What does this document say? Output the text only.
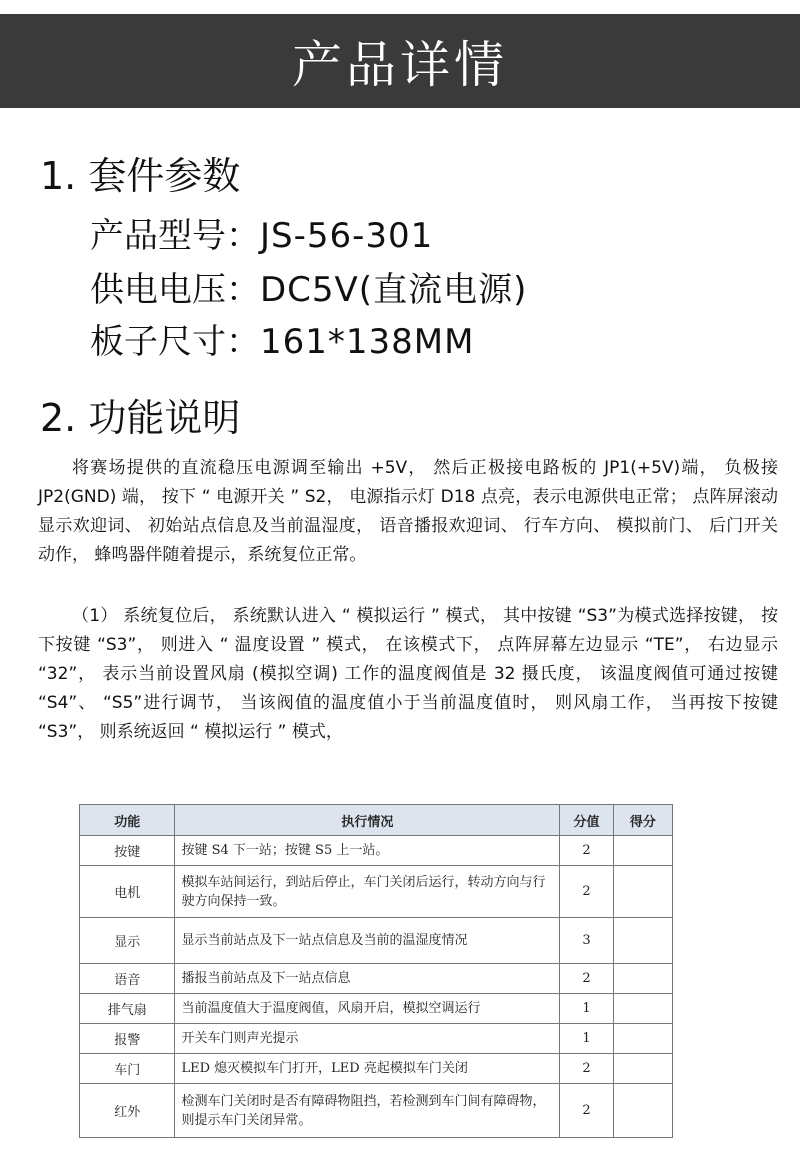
产品详情
1. 套件参数
产品型号：JS-56-301
供电电压：DC5V(直流电源)
板子尺寸：161*138MM
2. 功能说明

将赛场提供的直流稳压电源调至输出 +5V， 然后正极接电路板的 JP1(+5V)端， 负极接 JP2(GND) 端， 按下 “ 电源开关 ” S2， 电源指示灯 D18 点亮，表示电源供电正常； 点阵屏滚动显示欢迎词、 初始站点信息及当前温湿度， 语音播报欢迎词、 行车方向、 模拟前门、 后门开关动作， 蜂鸣器伴随着提示，系统复位正常。

（1） 系统复位后， 系统默认进入 “ 模拟运行 ” 模式， 其中按键 “S3”为模式选择按键， 按下按键 “S3”， 则进入 “ 温度设置 ” 模式， 在该模式下， 点阵屏幕左边显示 “TE”， 右边显示 “32”， 表示当前设置风扇 (模拟空调) 工作的温度阀值是 32 摄氏度， 该温度阀值可通过按键 “S4”、 “S5”进行调节， 当该阀值的温度值小于当前温度值时， 则风扇工作， 当再按下按键 “S3”， 则系统返回 “ 模拟运行 ” 模式，

功能	执行情况	分值	得分
按键	按键 S4 下一站；按键 S5 上一站。	2	
电机	模拟车站间运行，到站后停止，车门关闭后运行，转动方向与行驶方向保持一致。	2	
显示	显示当前站点及下一站点信息及当前的温湿度情况	3	
语音	播报当前站点及下一站点信息	2	
排气扇	当前温度值大于温度阀值，风扇开启，模拟空调运行	1	
报警	开关车门则声光提示	1	
车门	LED 熄灭模拟车门打开，LED 亮起模拟车门关闭	2	
红外	检测车门关闭时是否有障碍物阻挡，若检测到车门间有障碍物，则提示车门关闭异常。	2	
